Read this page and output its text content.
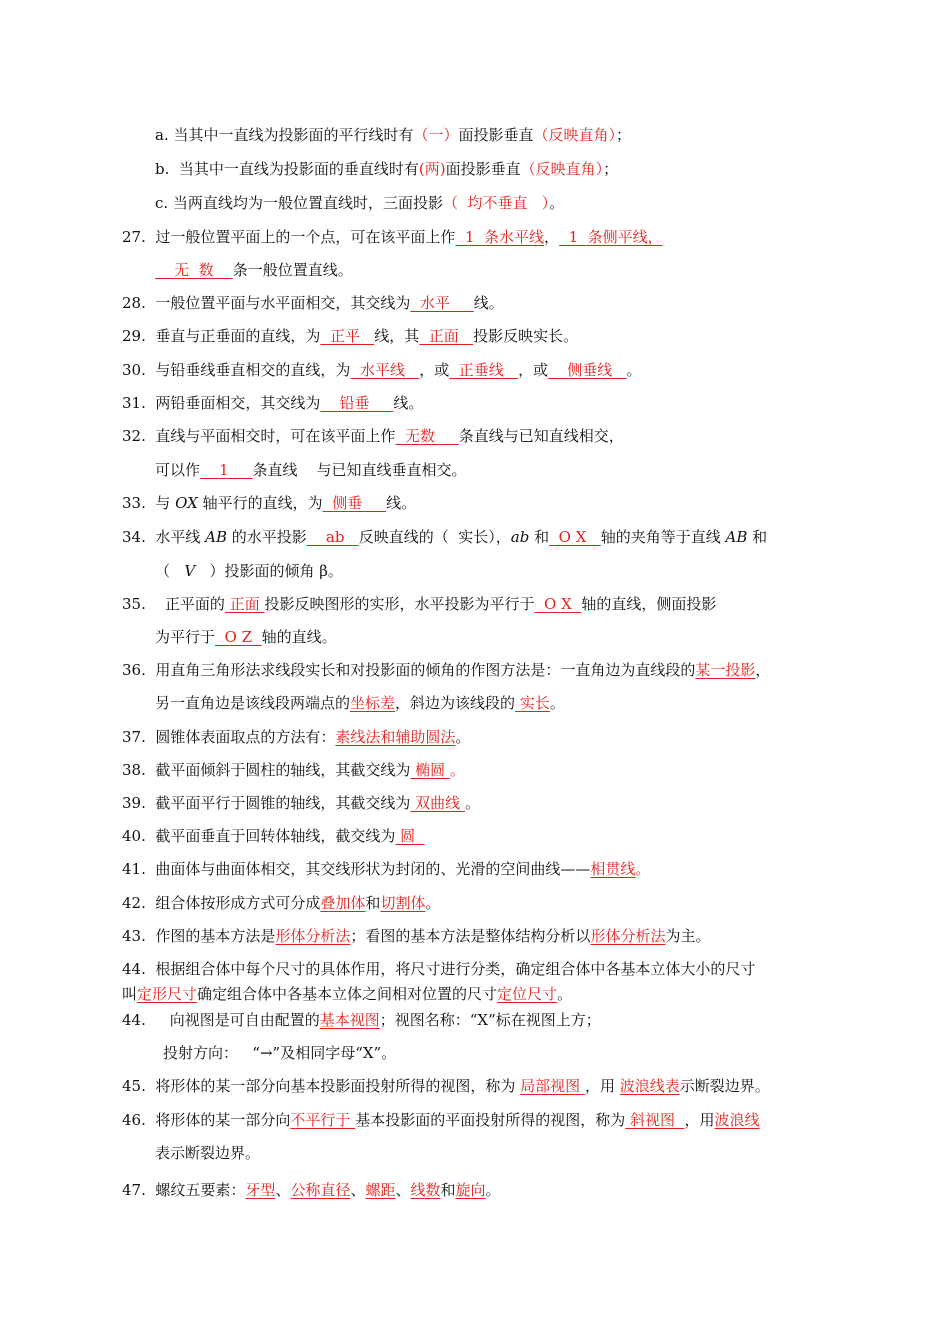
a. 当其中一直线为投影面的平行线时有（一）面投影垂直（反映直角）；
b.  当其中一直线为投影面的垂直线时有(两)面投影垂直（反映直角）；
c. 当两直线均为一般位置直线时，三面投影（  均不垂直   ）。
27.  过一般位置平面上的一个点，可在该平面上作  1  条水平线，  1  条侧平线，
无  数    条一般位置直线。
28.  一般位置平面与水平面相交，其交线为  水平     线。
29.  垂直与正垂面的直线，为  正平   线，其  正面   投影反映实长。
30.  与铅垂线垂直相交的直线，为  水平线   ，或  正垂线   ，或    侧垂线   。
31.  两铅垂面相交，其交线为    铅垂     线。
32.  直线与平面相交时，可在该平面上作  无数     条直线与已知直线相交，
可以作    1     条直线    与已知直线垂直相交。
33.  与 OX 轴平行的直线，为  侧垂     线。
34.  水平线 AB 的水平投影    ab   反映直线的（  实长），ab 和  O X   轴的夹角等于直线 AB 和
（   V   ）投影面的倾角 β。
35.    正平面的 正面 投影反映图形的实形，水平投影为平行于  O X  轴的直线，侧面投影
为平行于  O Z  轴的直线。
36.  用直角三角形法求线段实长和对投影面的倾角的作图方法是：一直角边为直线段的某一投影，
另一直角边是该线段两端点的坐标差，斜边为该线段的 实长。
37.  圆锥体表面取点的方法有：素线法和辅助圆法。
38.  截平面倾斜于圆柱的轴线，其截交线为 椭圆 。
39.  截平面平行于圆锥的轴线，其截交线为 双曲线 。
40.  截平面垂直于回转体轴线，截交线为 圆
41.  曲面体与曲面体相交，其交线形状为封闭的、光滑的空间曲线——相贯线。
42.  组合体按形成方式可分成叠加体和切割体。
43.  作图的基本方法是形体分析法；看图的基本方法是整体结构分析以形体分析法为主。
44.  根据组合体中每个尺寸的具体作用，将尺寸进行分类，确定组合体中各基本立体大小的尺寸
叫定形尺寸确定组合体中各基本立体之间相对位置的尺寸定位尺寸。
44.     向视图是可自由配置的基本视图；视图名称：“X”标在视图上方；
投射方向：   “→”及相同字母“X”。
45.  将形体的某一部分向基本投影面投射所得的视图，称为 局部视图 ，用 波浪线表示断裂边界。
46.  将形体的某一部分向不平行于 基本投影面的平面投射所得的视图，称为 斜视图  ，用波浪线
表示断裂边界。
47.  螺纹五要素：牙型、公称直径、螺距、线数和旋向。
